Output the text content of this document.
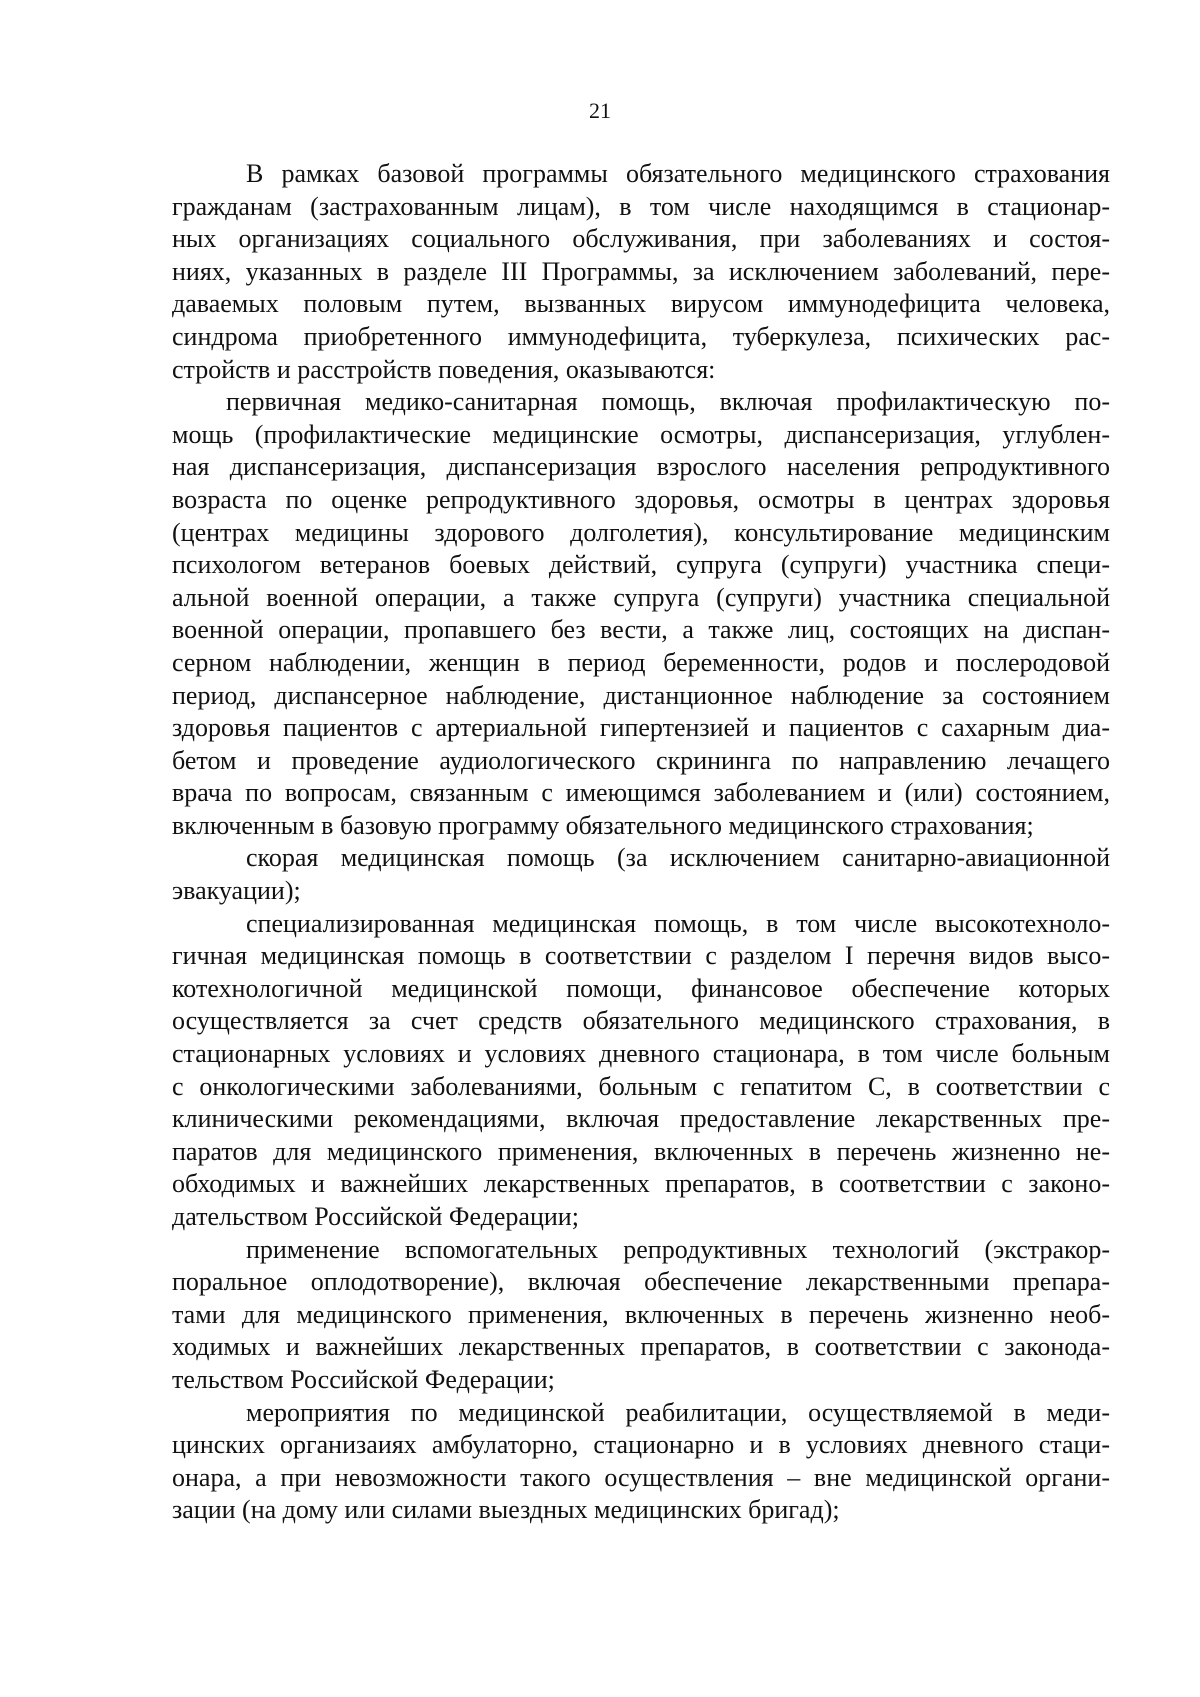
21

В рамках базовой программы обязательного медицинского страхования
гражданам (застрахованным лицам), в том числе находящимся в стационар-
ных организациях социального обслуживания, при заболеваниях и состоя-
ниях, указанных в разделе III Программы, за исключением заболеваний, пере-
даваемых половым путем, вызванных вирусом иммунодефицита человека,
синдрома приобретенного иммунодефицита, туберкулеза, психических рас-
стройств и расстройств поведения, оказываются:

первичная медико-санитарная помощь, включая профилактическую по-
мощь (профилактические медицинские осмотры, диспансеризация, углублен-
ная диспансеризация, диспансеризация взрослого населения репродуктивного
возраста по оценке репродуктивного здоровья, осмотры в центрах здоровья
(центрах медицины здорового долголетия), консультирование медицинским
психологом ветеранов боевых действий, супруга (супруги) участника специ-
альной военной операции, а также супруга (супруги) участника специальной
военной операции, пропавшего без вести, а также лиц, состоящих на диспан-
серном наблюдении, женщин в период беременности, родов и послеродовой
период, диспансерное наблюдение, дистанционное наблюдение за состоянием
здоровья пациентов с артериальной гипертензией и пациентов с сахарным диа-
бетом и проведение аудиологического скрининга по направлению лечащего
врача по вопросам, связанным с имеющимся заболеванием и (или) состоянием,
включенным в базовую программу обязательного медицинского страхования;

скорая медицинская помощь (за исключением санитарно-авиационной
эвакуации);

специализированная медицинская помощь, в том числе высокотехноло-
гичная медицинская помощь в соответствии с разделом I перечня видов высо-
котехнологичной медицинской помощи, финансовое обеспечение которых
осуществляется за счет средств обязательного медицинского страхования, в
стационарных условиях и условиях дневного стационара, в том числе больным
с онкологическими заболеваниями, больным с гепатитом С, в соответствии с
клиническими рекомендациями, включая предоставление лекарственных пре-
паратов для медицинского применения, включенных в перечень жизненно не-
обходимых и важнейших лекарственных препаратов, в соответствии с законо-
дательством Российской Федерации;

применение вспомогательных репродуктивных технологий (экстракор-
поральное оплодотворение), включая обеспечение лекарственными препара-
тами для медицинского применения, включенных в перечень жизненно необ-
ходимых и важнейших лекарственных препаратов, в соответствии с законода-
тельством Российской Федерации;

мероприятия по медицинской реабилитации, осуществляемой в меди-
цинских организаиях амбулаторно, стационарно и в условиях дневного стаци-
онара, а при невозможности такого осуществления – вне медицинской органи-
зации (на дому или силами выездных медицинских бригад);
